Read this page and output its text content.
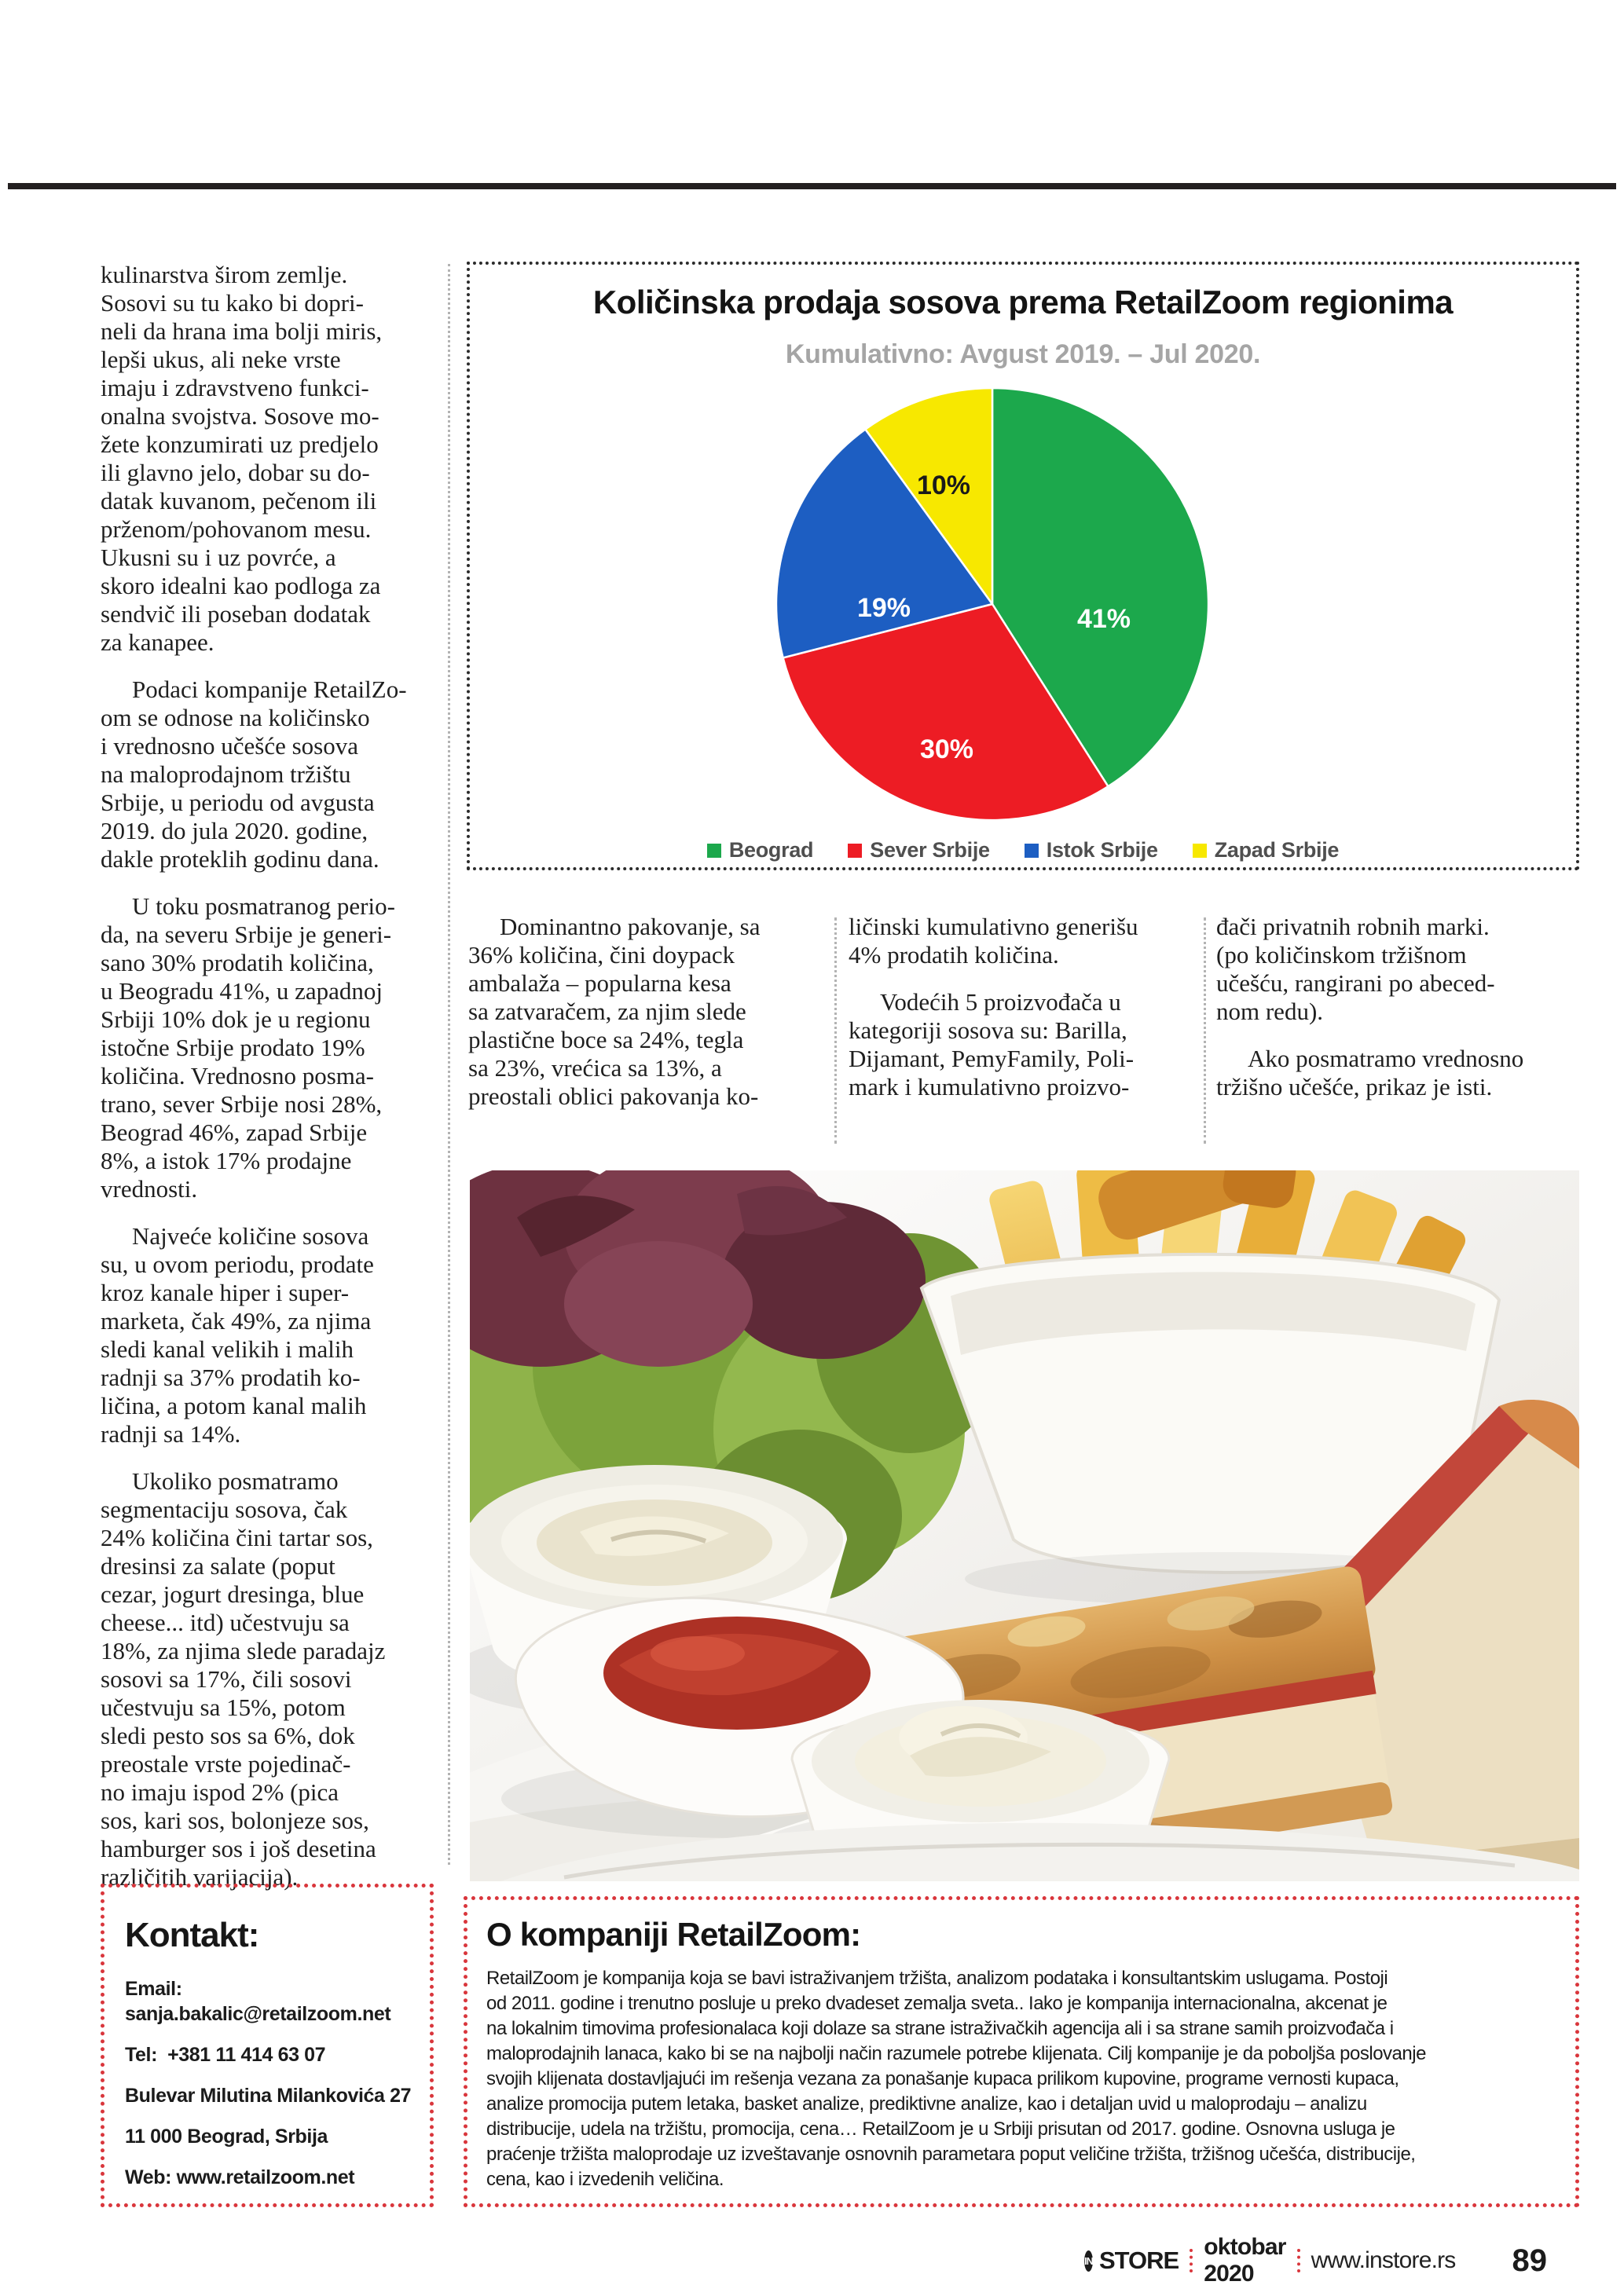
kulinarstva širom zemlje.
Sosovi su tu kako bi dopri-
neli da hrana ima bolji miris,
lepši ukus, ali neke vrste
imaju i zdravstveno funkci-
onalna svojstva. Sosove mo-
žete konzumirati uz predjelo
ili glavno jelo, dobar su do-
datak kuvanom, pečenom ili
prženom/pohovanom mesu.
Ukusni su i uz povrće, a
skoro idealni kao podloga za
sendvič ili poseban dodatak
za kanapee.

Podaci kompanije RetailZo-
om se odnose na količinsko
i vrednosno učešće sosova
na maloprodajnom tržištu
Srbije, u periodu od avgusta
2019. do jula 2020. godine,
dakle proteklih godinu dana.

U toku posmatranog perio-
da, na severu Srbije je generi-
sano 30% prodatih količina,
u Beogradu 41%, u zapadnoj
Srbiji 10% dok je u regionu
istočne Srbije prodato 19%
količina. Vrednosno posma-
trano, sever Srbije nosi 28%,
Beograd 46%, zapad Srbije
8%, a istok 17% prodajne
vrednosti.

Najveće količine sosova
su, u ovom periodu, prodate
kroz kanale hiper i super-
marketa, čak 49%, za njima
sledi kanal velikih i malih
radnji sa 37% prodatih ko-
ličina, a potom kanal malih
radnji sa 14%.

Ukoliko posmatramo
segmentaciju sosova, čak
24% količina čini tartar sos,
dresinsi za salate (poput
cezar, jogurt dresinga, blue
cheese... itd) učestvuju sa
18%, za njima slede paradajz
sosovi sa 17%, čili sosovi
učestvuju sa 15%, potom
sledi pesto sos sa 6%, dok
preostale vrste pojedinač-
no imaju ispod 2% (pica
sos, kari sos, bolonjeze sos,
hamburger sos i još desetina
različitih varijacija).

Količinska prodaja sosova prema RetailZoom regionima
Kumulativno: Avgust 2019. – Jul 2020.
41%
30%
19%
10%
Beograd	Sever Srbije	Istok Srbije	Zapad Srbije

Dominantno pakovanje, sa
36% količina, čini doypack
ambalaža – popularna kesa
sa zatvaračem, za njim slede
plastične boce sa 24%, tegla
sa 23%, vrećica sa 13%, a
preostali oblici pakovanja ko-

ličinski kumulativno generišu
4% prodatih količina.

Vodećih 5 proizvođača u
kategoriji sosova su: Barilla,
Dijamant, PemyFamily, Poli-
mark i kumulativno proizvo-

đači privatnih robnih marki.
(po količinskom tržišnom
učešću, rangirani po abeced-
nom redu).

Ako posmatramo vrednosno
tržišno učešće, prikaz je isti.

Kontakt:

Email:

sanja.bakalic@retailzoom.net

Tel: +381 11 414 63 07

Bulevar Milutina Milankovića 27

11 000 Beograd, Srbija

Web: www.retailzoom.net

O kompaniji RetailZoom:

RetailZoom je kompanija koja se bavi istraživanjem tržišta, analizom podataka i konsultantskim uslugama. Postoji
od 2011. godine i trenutno posluje u preko dvadeset zemalja sveta.. Iako je kompanija internacionalna, akcenat je
na lokalnim timovima profesionalaca koji dolaze sa strane istraživačkih agencija ali i sa strane samih proizvođača i
maloprodajnih lanaca, kako bi se na najbolji način razumele potrebe klijenata. Cilj kompanije je da poboljša poslovanje
svojih klijenata dostavljajući im rešenja vezana za ponašanje kupaca prilikom kupovine, programe vernosti kupaca,
analize promocija putem letaka, basket analize, prediktivne analize, kao i detaljan uvid u maloprodaju – analizu
distribucije, udela na tržištu, promocija, cena… RetailZoom je u Srbiji prisutan od 2017. godine. Osnovna usluga je
praćenje tržišta maloprodaje uz izveštavanje osnovnih parametara poput veličine tržišta, tržišnog učešća, distribucije,
cena, kao i izvedenih veličina.
IN STORE oktobar 2020
www.instore.rs 89
